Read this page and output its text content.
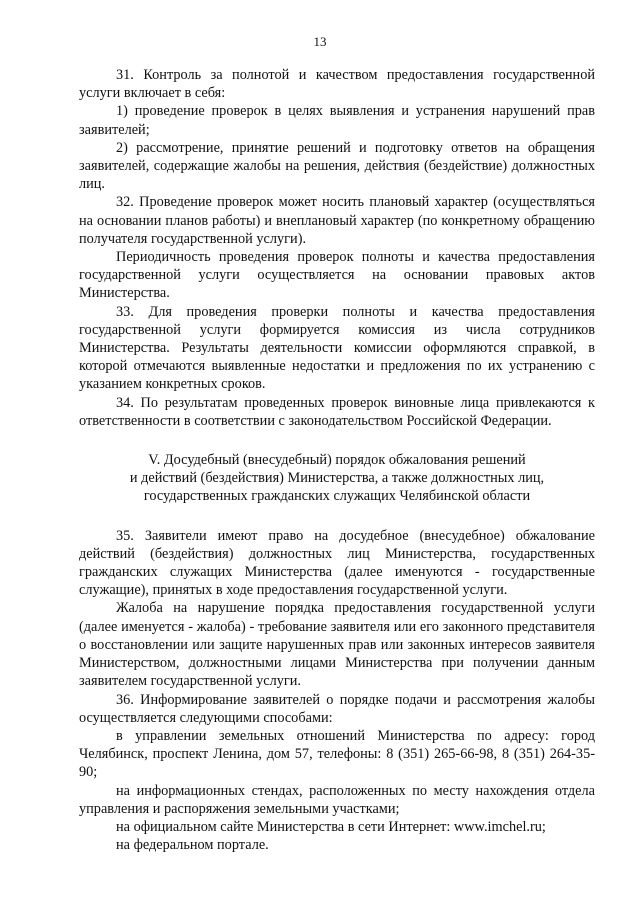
13

31. Контроль за полнотой и качеством предоставления государственной услуги включает в себя:

1) проведение проверок в целях выявления и устранения нарушений прав заявителей;

2) рассмотрение, принятие решений и подготовку ответов на обращения заявителей, содержащие жалобы на решения, действия (бездействие) должностных лиц.

32. Проведение проверок может носить плановый характер (осуществляться на основании планов работы) и внеплановый характер (по конкретному обращению получателя государственной услуги).

Периодичность проведения проверок полноты и качества предоставления государственной услуги осуществляется на основании правовых актов Министерства.

33. Для проведения проверки полноты и качества предоставления государственной услуги формируется комиссия из числа сотрудников Министерства. Результаты деятельности комиссии оформляются справкой, в которой отмечаются выявленные недостатки и предложения по их устранению с указанием конкретных сроков.

34. По результатам проведенных проверок виновные лица привлекаются к ответственности в соответствии с законодательством Российской Федерации.

V. Досудебный (внесудебный) порядок обжалования решений
и действий (бездействия) Министерства, а также должностных лиц,
государственных гражданских служащих Челябинской области

35. Заявители имеют право на досудебное (внесудебное) обжалование действий (бездействия) должностных лиц Министерства, государственных гражданских служащих Министерства (далее именуются - государственные служащие), принятых в ходе предоставления государственной услуги.

Жалоба на нарушение порядка предоставления государственной услуги (далее именуется - жалоба) - требование заявителя или его законного представителя о восстановлении или защите нарушенных прав или законных интересов заявителя Министерством, должностными лицами Министерства при получении данным заявителем государственной услуги.

36. Информирование заявителей о порядке подачи и рассмотрения жалобы осуществляется следующими способами:

в управлении земельных отношений Министерства по адресу: город Челябинск, проспект Ленина, дом 57, телефоны: 8 (351) 265-66-98, 8 (351) 264-35-90;

на информационных стендах, расположенных по месту нахождения отдела управления и распоряжения земельными участками;

на официальном сайте Министерства в сети Интернет: www.imchel.ru;

на федеральном портале.
